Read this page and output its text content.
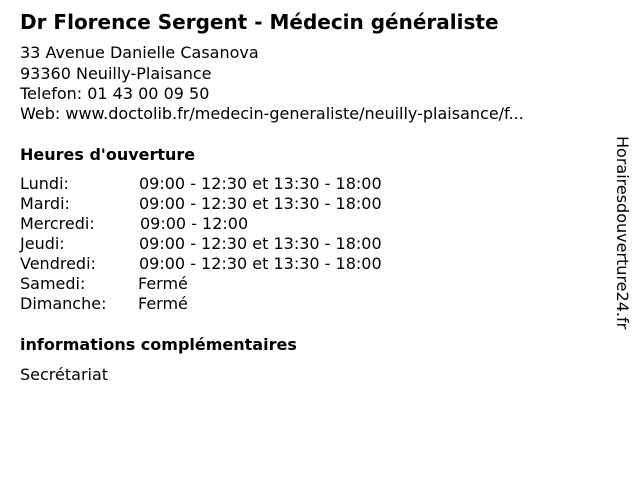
Dr Florence Sergent - Médecin généraliste
33 Avenue Danielle Casanova
93360 Neuilly-Plaisance
Telefon: 01 43 00 09 50
Web: www.doctolib.fr/medecin-generaliste/neuilly-plaisance/f...
Heures d'ouverture
Lundi:	09:00 - 12:30 et 13:30 - 18:00
Mardi:	09:00 - 12:30 et 13:30 - 18:00
Mercredi:	09:00 - 12:00
Jeudi:	09:00 - 12:30 et 13:30 - 18:00
Vendredi:	09:00 - 12:30 et 13:30 - 18:00
Samedi:	Fermé
Dimanche: Fermé
informations complémentaires
Secrétariat
Horairesdouverture24.fr
